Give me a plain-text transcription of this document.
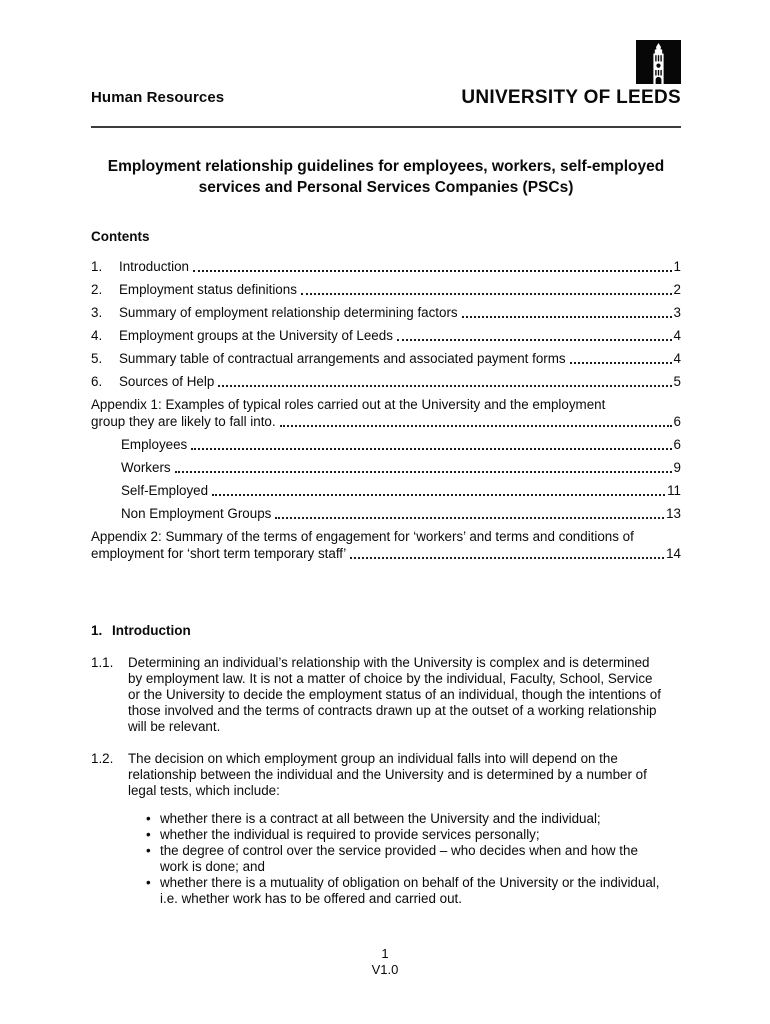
Human Resources	UNIVERSITY OF LEEDS
Employment relationship guidelines for employees, workers, self-employed services and Personal Services Companies (PSCs)
Contents
1.	Introduction	1
2.	Employment status definitions	2
3.	Summary of employment relationship determining factors	3
4.	Employment groups at the University of Leeds	4
5.	Summary table of contractual arrangements and associated payment forms	4
6.	Sources of Help	5
Appendix 1: Examples of typical roles carried out at the University and the employment
group they are likely to fall into.	6
Employees	6
Workers	9
Self-Employed	11
Non Employment Groups	13
Appendix 2: Summary of the terms of engagement for ‘workers’ and terms and conditions of
employment for ‘short term temporary staff’	14
1. Introduction
1.1.	Determining an individual’s relationship with the University is complex and is determined by employment law. It is not a matter of choice by the individual, Faculty, School, Service or the University to decide the employment status of an individual, though the intentions of those involved and the terms of contracts drawn up at the outset of a working relationship will be relevant.
1.2.	The decision on which employment group an individual falls into will depend on the relationship between the individual and the University and is determined by a number of legal tests, which include:
•
whether there is a contract at all between the University and the individual;
•
whether the individual is required to provide services personally;
•
the degree of control over the service provided – who decides when and how the work is done; and
•
whether there is a mutuality of obligation on behalf of the University or the individual, i.e. whether work has to be offered and carried out.
1
V1.0
